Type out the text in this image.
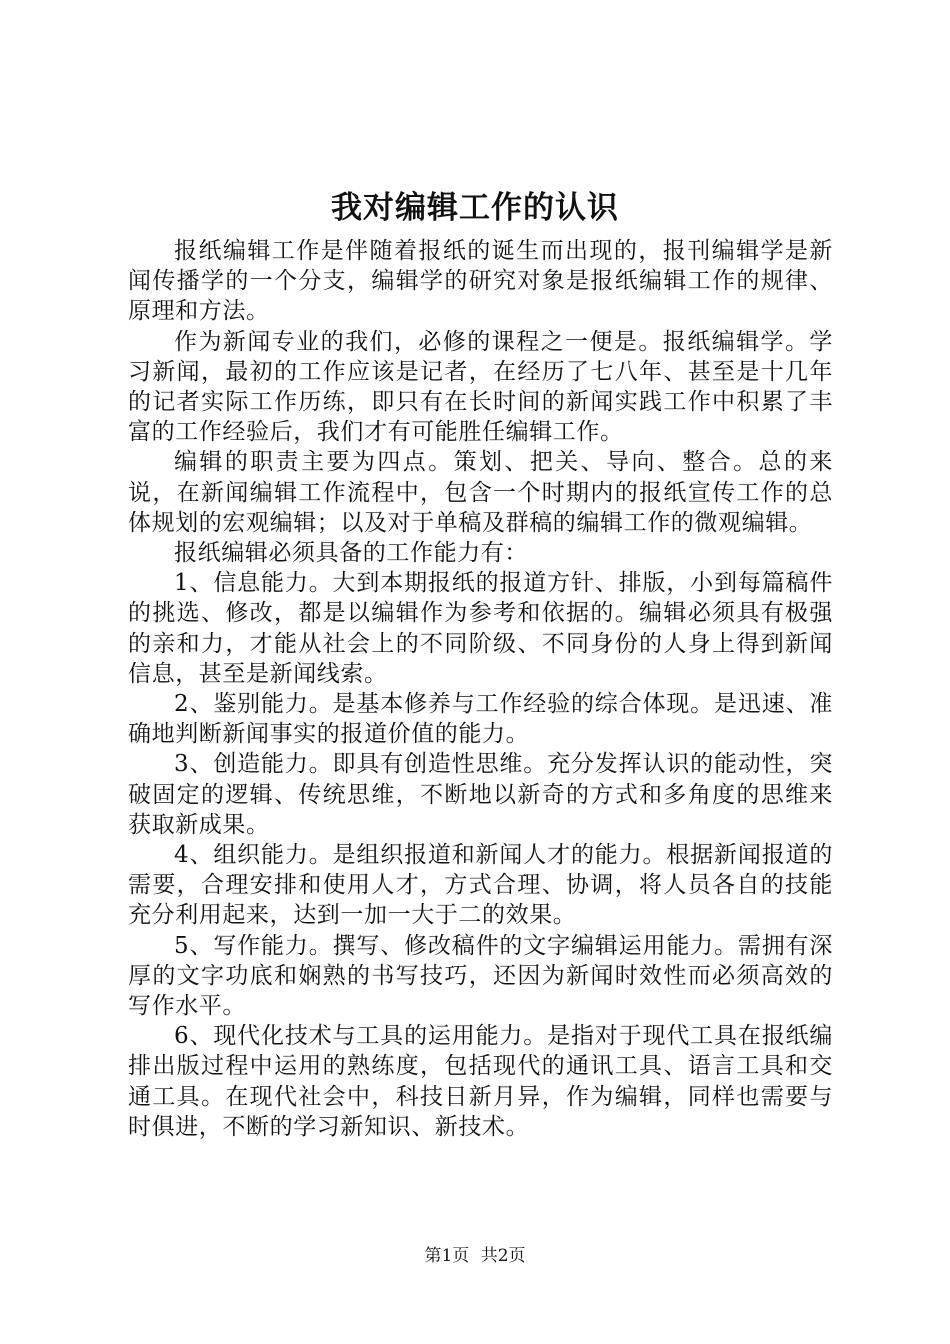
我对编辑工作的认识

报纸编辑工作是伴随着报纸的诞生而出现的，报刊编辑学是新闻传播学的一个分支，编辑学的研究对象是报纸编辑工作的规律、原理和方法。

作为新闻专业的我们，必修的课程之一便是。报纸编辑学。学习新闻，最初的工作应该是记者，在经历了七八年、甚至是十几年的记者实际工作历练，即只有在长时间的新闻实践工作中积累了丰富的工作经验后，我们才有可能胜任编辑工作。

编辑的职责主要为四点。策划、把关、导向、整合。总的来说，在新闻编辑工作流程中，包含一个时期内的报纸宣传工作的总体规划的宏观编辑；以及对于单稿及群稿的编辑工作的微观编辑。

报纸编辑必须具备的工作能力有：

1、信息能力。大到本期报纸的报道方针、排版，小到每篇稿件的挑选、修改，都是以编辑作为参考和依据的。编辑必须具有极强的亲和力，才能从社会上的不同阶级、不同身份的人身上得到新闻信息，甚至是新闻线索。

2、鉴别能力。是基本修养与工作经验的综合体现。是迅速、准确地判断新闻事实的报道价值的能力。

3、创造能力。即具有创造性思维。充分发挥认识的能动性，突破固定的逻辑、传统思维，不断地以新奇的方式和多角度的思维来获取新成果。

4、组织能力。是组织报道和新闻人才的能力。根据新闻报道的需要，合理安排和使用人才，方式合理、协调，将人员各自的技能充分利用起来，达到一加一大于二的效果。

5、写作能力。撰写、修改稿件的文字编辑运用能力。需拥有深厚的文字功底和娴熟的书写技巧，还因为新闻时效性而必须高效的写作水平。

6、现代化技术与工具的运用能力。是指对于现代工具在报纸编排出版过程中运用的熟练度，包括现代的通讯工具、语言工具和交通工具。在现代社会中，科技日新月异，作为编辑，同样也需要与时俱进，不断的学习新知识、新技术。

第1页 共2页
